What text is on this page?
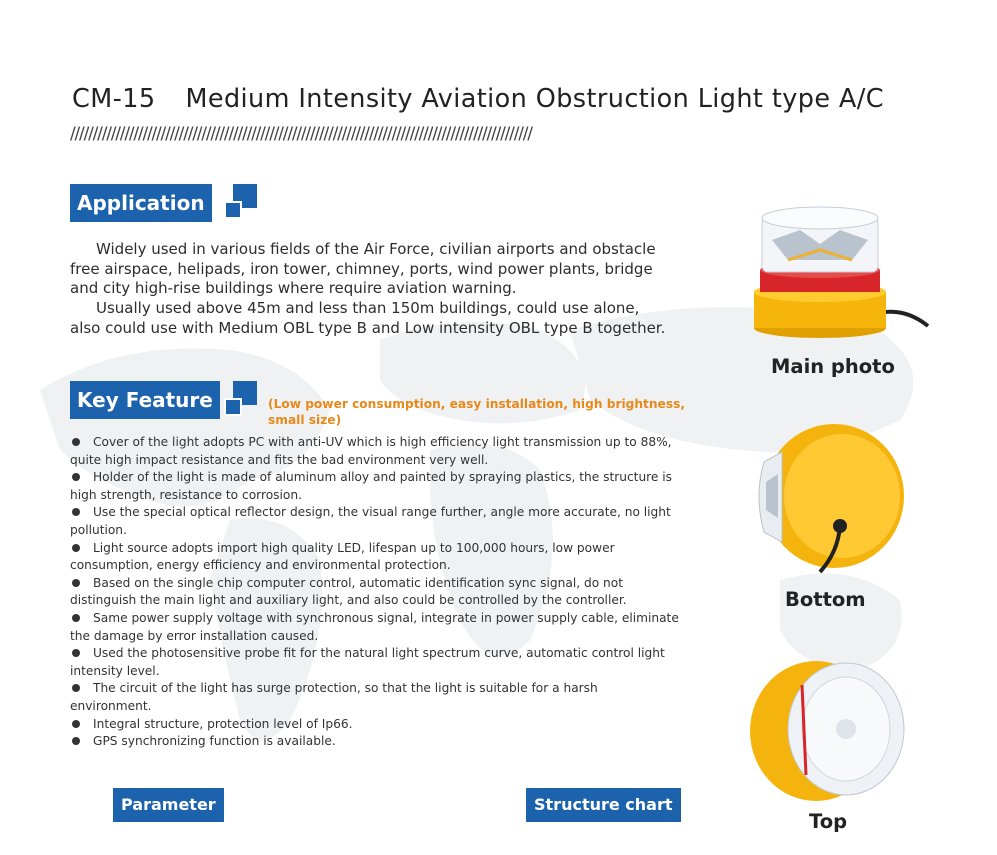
CM-15 Medium Intensity Aviation Obstruction Light type A/C
//////////////////////////////////////////////////////////////////////////////////////////////////////
Application

Widely used in various fields of the Air Force, civilian airports and obstacle

free airspace, helipads, iron tower, chimney, ports, wind power plants, bridge

and city high-rise buildings where require aviation warning.

Usually used above 45m and less than 150m buildings, could use alone,

also could use with Medium OBL type B and Low intensity OBL type B together.

Key Feature	(Low power consumption, easy installation, high brightness, small size)
Cover of the light adopts PC with anti-UV which is high efficiency light transmission up to 88%,
quite high impact resistance and fits the bad environment very well.
Holder of the light is made of aluminum alloy and painted by spraying plastics, the structure is
high strength, resistance to corrosion.
Use the special optical reflector design, the visual range further, angle more accurate, no light
pollution.
Light source adopts import high quality LED, lifespan up to 100,000 hours, low power
consumption, energy efficiency and environmental protection.
Based on the single chip computer control, automatic identification sync signal, do not
distinguish the main light and auxiliary light, and also could be controlled by the controller.
Same power supply voltage with synchronous signal, integrate in power supply cable, eliminate
the damage by error installation caused.
Used the photosensitive probe fit for the natural light spectrum curve, automatic control light
intensity level.
The circuit of the light has surge protection, so that the light is suitable for a harsh environment.
Integral structure, protection level of Ip66.
GPS synchronizing function is available.
Parameter	Structure chart
Main photo
Bottom
Top
